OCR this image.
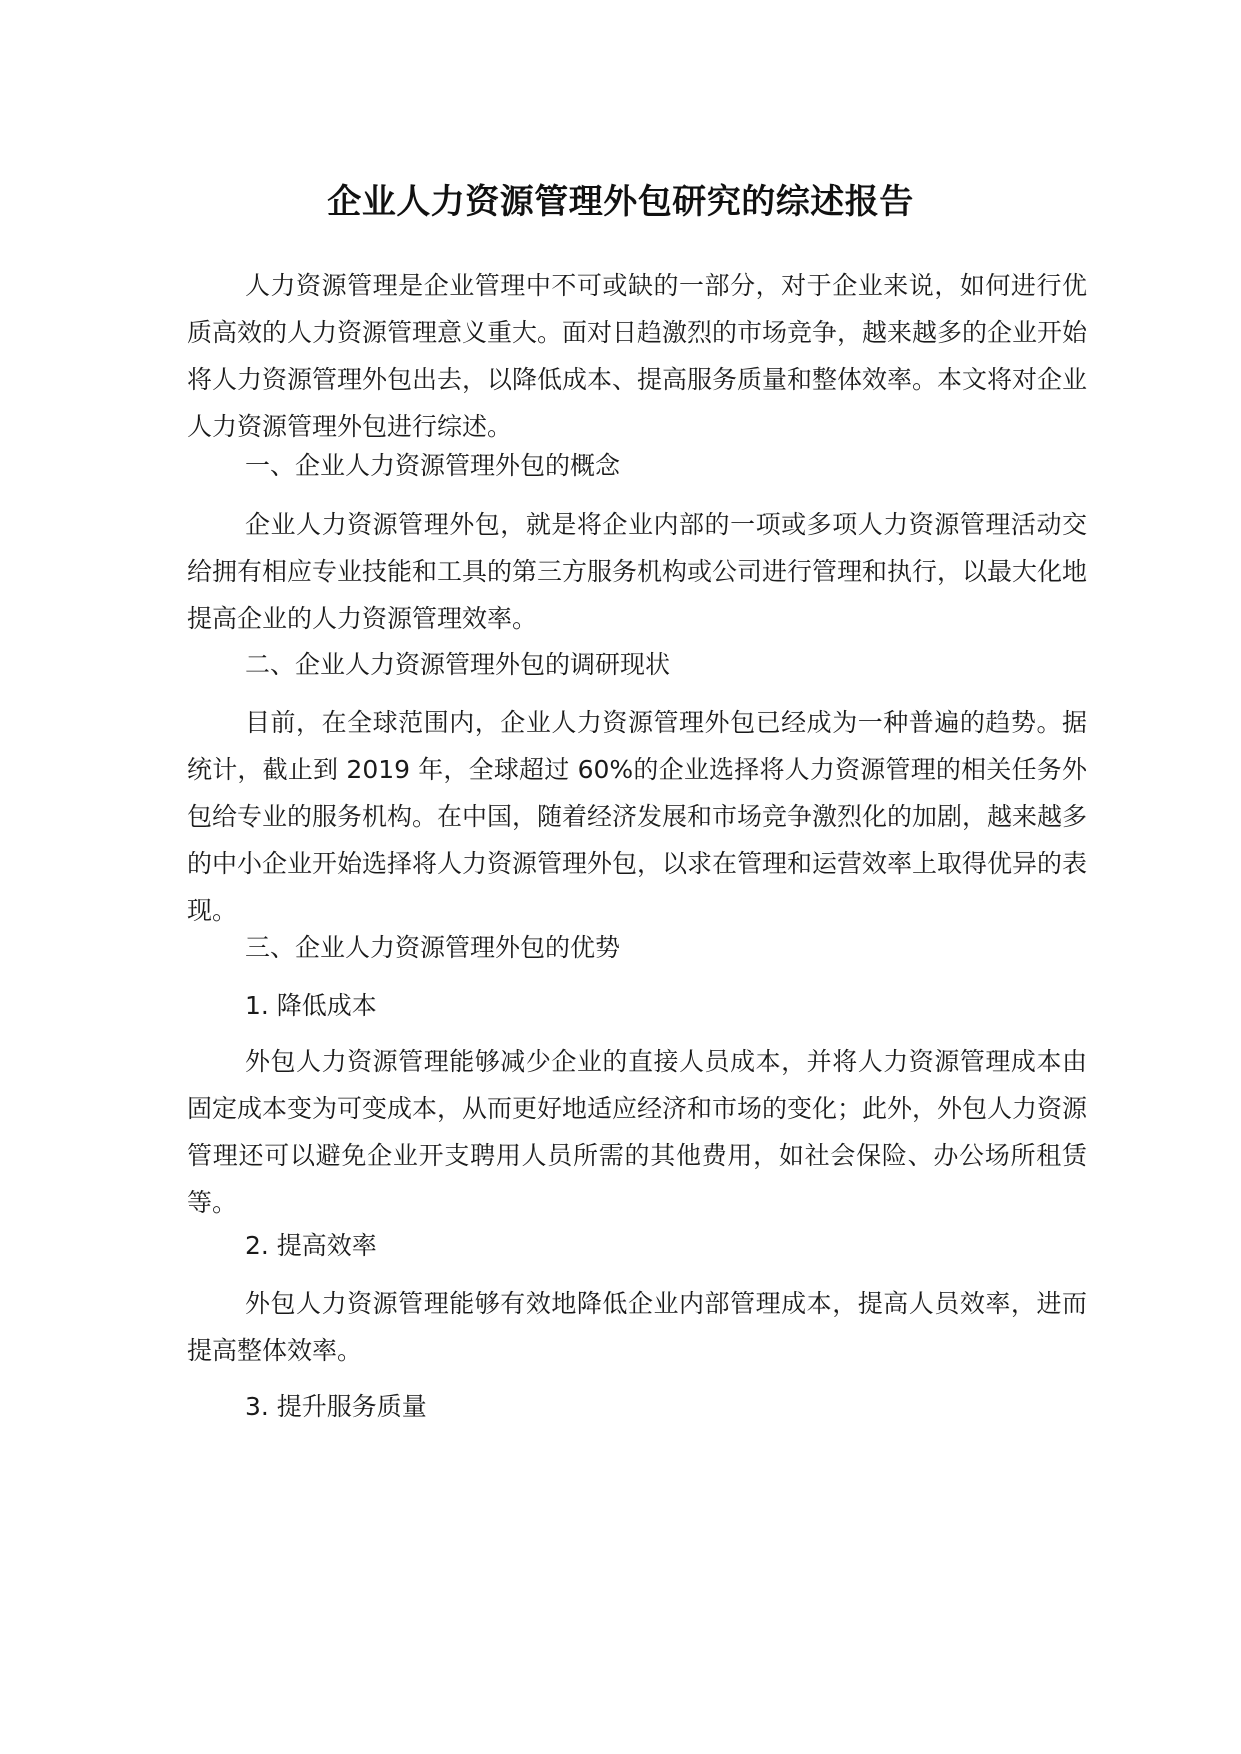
企业人力资源管理外包研究的综述报告

人力资源管理是企业管理中不可或缺的一部分，对于企业来说，如何进行优质高效的人力资源管理意义重大。面对日趋激烈的市场竞争，越来越多的企业开始将人力资源管理外包出去，以降低成本、提高服务质量和整体效率。本文将对企业人力资源管理外包进行综述。

一、企业人力资源管理外包的概念

企业人力资源管理外包，就是将企业内部的一项或多项人力资源管理活动交给拥有相应专业技能和工具的第三方服务机构或公司进行管理和执行，以最大化地提高企业的人力资源管理效率。

二、企业人力资源管理外包的调研现状

目前，在全球范围内，企业人力资源管理外包已经成为一种普遍的趋势。据统计，截止到 2019 年，全球超过 60%的企业选择将人力资源管理的相关任务外包给专业的服务机构。在中国，随着经济发展和市场竞争激烈化的加剧，越来越多的中小企业开始选择将人力资源管理外包，以求在管理和运营效率上取得优异的表现。

三、企业人力资源管理外包的优势

1. 降低成本

外包人力资源管理能够减少企业的直接人员成本，并将人力资源管理成本由固定成本变为可变成本，从而更好地适应经济和市场的变化；此外，外包人力资源管理还可以避免企业开支聘用人员所需的其他费用，如社会保险、办公场所租赁等。

2. 提高效率

外包人力资源管理能够有效地降低企业内部管理成本，提高人员效率，进而提高整体效率。

3. 提升服务质量
